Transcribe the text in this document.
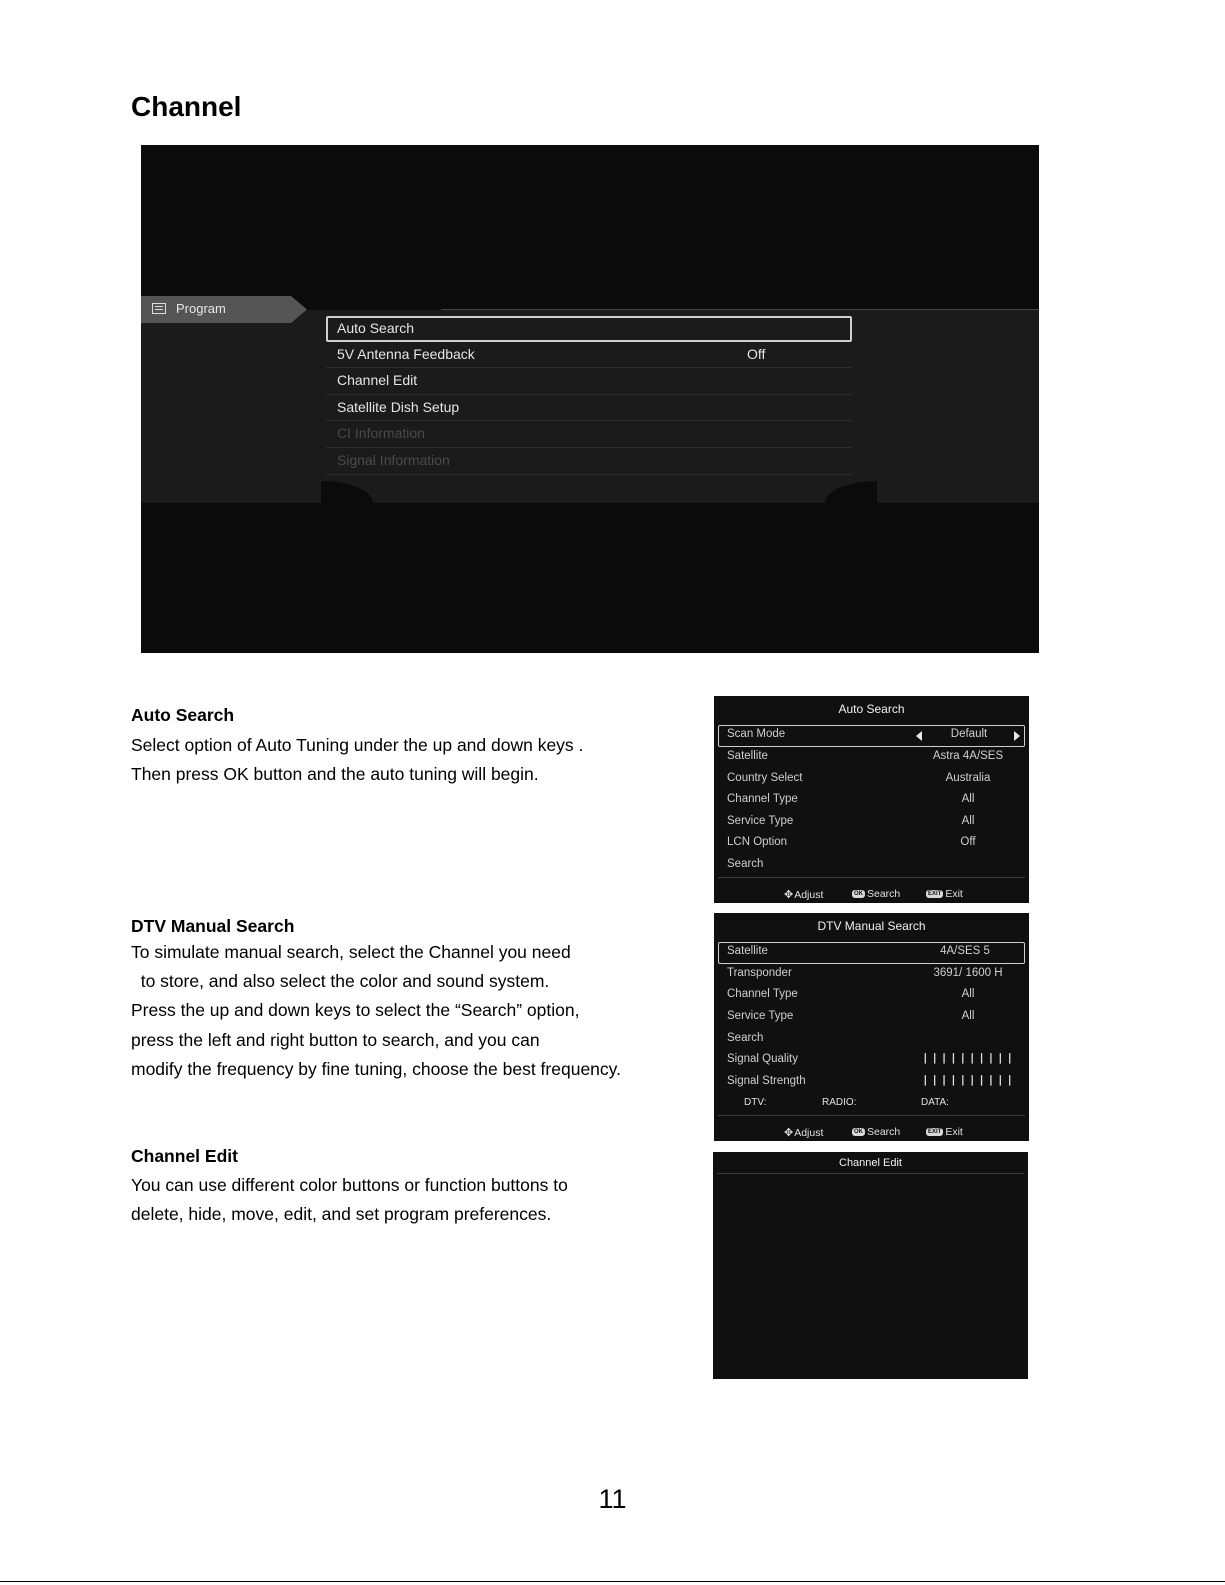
Channel
Program
Auto Search
5V Antenna Feedback	Off
Channel Edit
Satellite Dish Setup
CI Information
Signal Information
Auto Search
Select option of Auto Tuning under the up and down keys .
Then press OK button and the auto tuning will begin.
DTV Manual Search
To simulate manual search, select the Channel you need
to store, and also select the color and sound system.
Press the up and down keys to select the “Search” option,
press the left and right button to search, and you can
modify the frequency by fine tuning, choose the best frequency.
Channel Edit
You can use different color buttons or function buttons to
delete, hide, move, edit, and set program preferences.
Auto Search
Scan Mode	Default
Satellite	Astra 4A/SES
Country Select	Australia
Channel Type	All
Service Type	All
LCN Option	Off
Search
✥Adjust	OK Search	EXIT Exit
DTV Manual Search
Satellite	4A/SES 5
Transponder	3691/ 1600 H
Channel Type	All
Service Type	All
Search
Signal Quality	❘❘❘❘❘❘❘❘❘❘
Signal Strength	❘❘❘❘❘❘❘❘❘❘
DTV:	RADIO:	DATA:
✥Adjust	OK Search	EXIT Exit
Channel Edit
11
